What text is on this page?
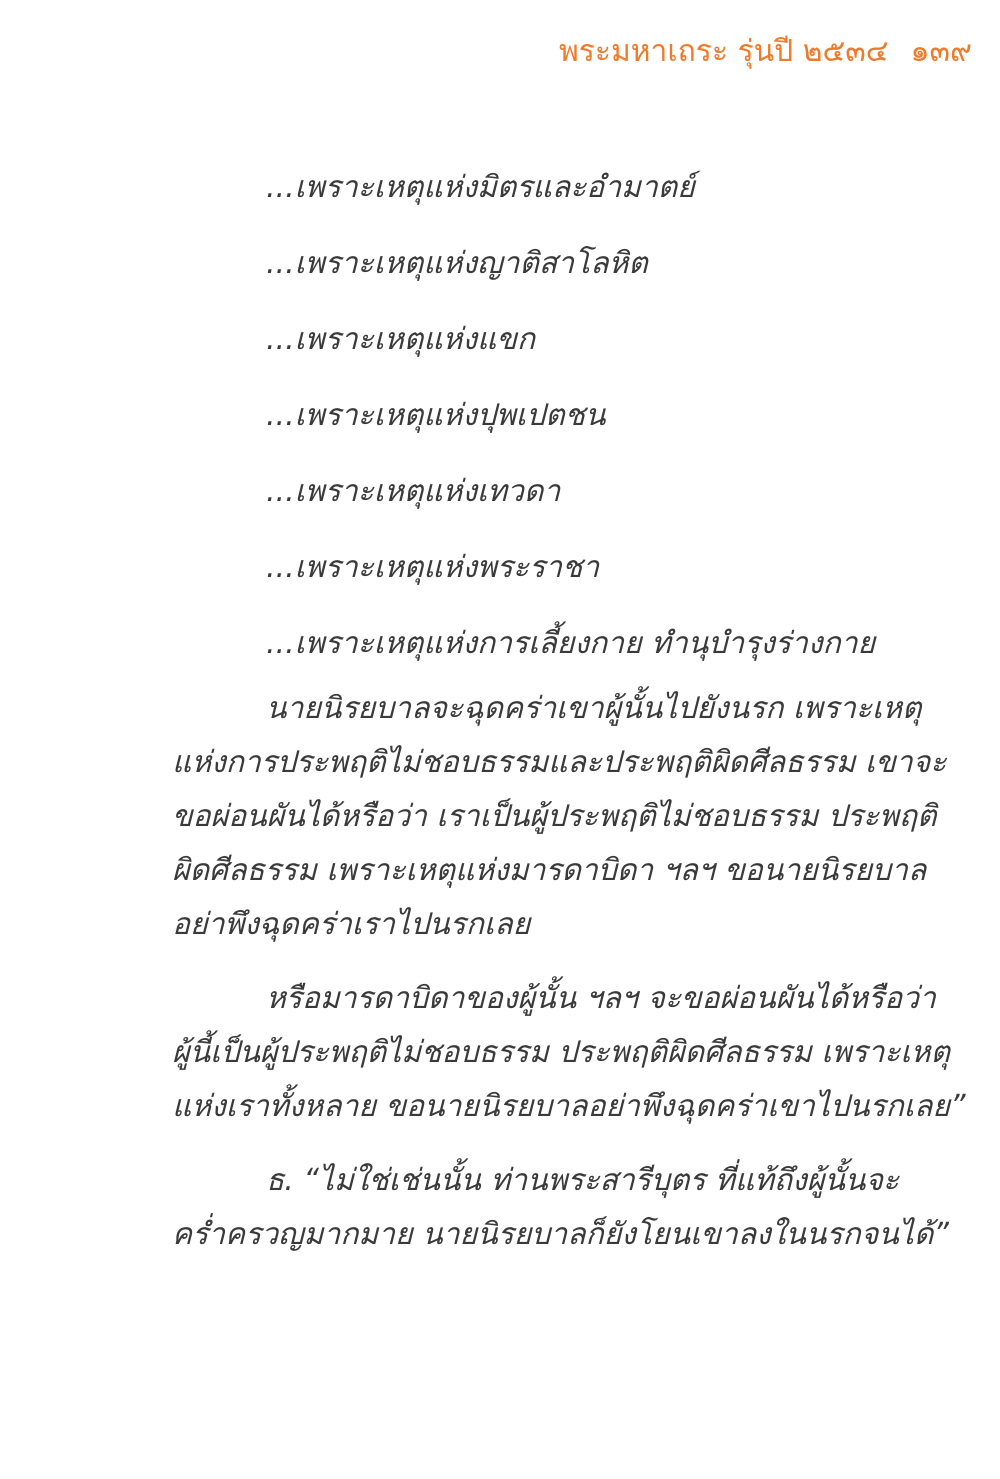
พระมหาเถระ รุ่นปี ๒๕๓๔ ๑๓๙
...เพราะเหตุแห่งมิตรและอำมาตย์
...เพราะเหตุแห่งญาติสาโลหิต
...เพราะเหตุแห่งแขก
...เพราะเหตุแห่งปุพเปตชน
...เพราะเหตุแห่งเทวดา
...เพราะเหตุแห่งพระราชา
...เพราะเหตุแห่งการเลี้ยงกาย ทำนุบำรุงร่างกาย

นายนิรยบาลจะฉุดคร่าเขาผู้นั้นไปยังนรก เพราะเหตุ
แห่งการประพฤติไม่ชอบธรรมและประพฤติผิดศีลธรรม เขาจะ
ขอผ่อนผันได้หรือว่า เราเป็นผู้ประพฤติไม่ชอบธรรม ประพฤติ
ผิดศีลธรรม เพราะเหตุแห่งมารดาบิดา ฯลฯ ขอนายนิรยบาล
อย่าพึงฉุดคร่าเราไปนรกเลย

หรือมารดาบิดาของผู้นั้น ฯลฯ จะขอผ่อนผันได้หรือว่า
ผู้นี้เป็นผู้ประพฤติไม่ชอบธรรม ประพฤติผิดศีลธรรม เพราะเหตุ
แห่งเราทั้งหลาย ขอนายนิรยบาลอย่าพึงฉุดคร่าเขาไปนรกเลย”

ธ. “ไม่ใช่เช่นนั้น ท่านพระสารีบุตร ที่แท้ถึงผู้นั้นจะ
คร่ำครวญมากมาย นายนิรยบาลก็ยังโยนเขาลงในนรกจนได้”
